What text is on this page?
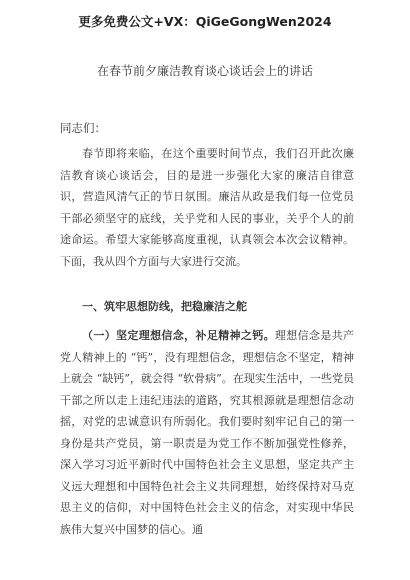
更多免费公文+VX：QiGeGongWen2024
在春节前夕廉洁教育谈心谈话会上的讲话
同志们：
春节即将来临，在这个重要时间节点，我们召开此次廉洁教育谈心谈话会，目的是进一步强化大家的廉洁自律意识，营造风清气正的节日氛围。廉洁从政是我们每一位党员干部必须坚守的底线，关乎党和人民的事业，关乎个人的前途命运。希望大家能够高度重视，认真领会本次会议精神。下面，我从四个方面与大家进行交流。
一、筑牢思想防线，把稳廉洁之舵
（一）坚定理想信念，补足精神之钙。理想信念是共产党人精神上的 “钙”，没有理想信念，理想信念不坚定，精神上就会 “缺钙”，就会得 “软骨病”。在现实生活中，一些党员干部之所以走上违纪违法的道路，究其根源就是理想信念动摇，对党的忠诚意识有所弱化。我们要时刻牢记自己的第一身份是共产党员，第一职责是为党工作不断加强党性修养，深入学习习近平新时代中国特色社会主义思想，坚定共产主义远大理想和中国特色社会主义共同理想，始终保持对马克思主义的信仰，对中国特色社会主义的信念，对实现中华民族伟大复兴中国梦的信心。通
